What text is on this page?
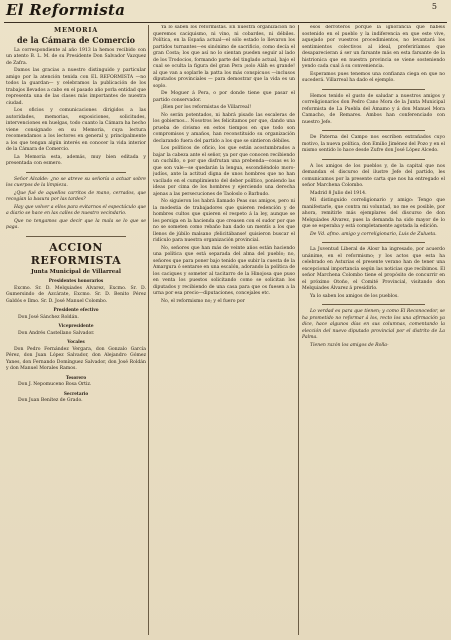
El Reformista	5
MEMORIA
de la Cámara de Comercio

La correspondiente al año 1913 la hemos recibido con un atento B. L. M. de su Presidente Don Salvador Vazquez de Zafra.

Damos las gracias a nuestro distinguido y particular amigo por la atención tenida con EL REFORMISTA —no todos la guardan— y celebramos la publicación de los trabajos llevados a cabo en el pasado año porla entidad que representa una de las clases más importantes de nuestra ciudad.

Los oficios y comunicaciones dirigidos a las autoridades, memorias, exposiciones, solicitudes, intervenciones en huelgas, todo cuanto la Cámara ha hecho viene consignado en su Memoria, cuya lectura recomendamos a los lectores en general y, principalmente a los que tengan algún interés en conocer la vida interior de la Cámara de Comercio.

La Memoria esta, además, muy bien editada y presentada con esmero.

Señor Alcalde: ¿no se atreve su señoría a actuar sobre los cuerpos de la limpieza.

¿Que fué de aquellos carritos de mano, cerrados, que recogían la basura por las tardes?

Hay que volver a ellos para evitarnos el espectáculo que a diario se hace en las calles de nuestro vecindario.

Que no tengamos que decir que la mala se lo que se paga.

ACCION REFORMISTA
Junta Municipal de Villarreal
Presidentes honorarios

Excmo. Sr. D. Melquiades Alvarez, Excmo. Sr. D. Gumersindo de Azcárate, Excmo. Sr. D. Benito Pérez Galdós e Ilmo. Sr. D. José Manuel Colombo.

Presidente efectivo

Don José Sánchez Roldán.

Vicepresidente

Don Andrés Castellano Salvador.

Vocales

Don Pedro Fernández Vergara, don Gonzalo García Pérez, don Juan López Salvador, don Alejandro Gómez Yanes, don Fernando Domínguez Salvador, don José Roldán y don Manuel Morales Ramos.

Tesorero

Don J. Nepomuceno Bosa Ortiz.

Secretario

Don Juan Benítez de Grado.

Ya lo saben los reformistas. En nuestra organización no queremos caciquismo, ni vino, ni cobardes, ni débiles. Política, en la España actual—el sólo estado lo llevaron los partidos turnantes—es sinónimo de sacrificio, como decía el gran Costa; los que así no lo sientan pueden seguir al lado de los Trodocios, formando parte del tinglado actual, bajo el cual se oculta la figura del gran Pera ¡solo Aláh es grande! al que van a soplarle la patta los más conspicuos —inclusos diputados provinciales — para demostrar que la vida es un soplo.

De Moguer á Pera, o por donde tiene que pasar el partido conservador.

¡Bien por los reformistas de Villarreal!

No serán potentados, ni habrá pisado las escaleras de los gobiernos... Nosotros les felicitamos por que, dando una prueba de civismo en estos tiempos en que todo son compromisos y amaños, han reconstituido su organización declarando fuera del partido a los que se sintieron débiles.

Los políticos de oficio, los que están acostumbrados a bajar la cabeza ante el señor, ya por que conocen recibiendo un cuchillo, o por que disfrutan una prebenda—cosas es lo que son vale—se quedarán la lengua, escondiéndolo moro-judíos, ante la actitud digna de unos hombres que no han vacilado en el cumplimiento del deber político, poniendo las ideas por cima de los hombres y ejerciendo una derecha ajenas a las persecuciones de Taoloslo o Barbudo.

No siguieron los habrá llamado Peas sus amigos, pero ni la modestia de trabajadores que quieren redención y de hombres cultos que quieren el respeto á la ley, aunque se les persiga en la hacienda que creasen con el sudor por que no se someten como rebaño han dado un mentís a los que llenos de júbilo malsano ¡felicitábanse! quisieron buscar el ridículo para nuestra organización provincial.

No, señores que han más de veinte años están haciendo una política que está separada del alma del pueblo; no, señores que para poner bajo tenido que subir la cuesta de la Amargura ó sentarse en una escalón, adorando la política de los caciques y someter al tacitarro de la Hinojosa que puso en venta los puestos solicitando como se solicitan los diputados y recibiendo de una casa para que os fuesen a la urna por esa precio—diputaciones, concejales etc.

No, el reformismo no; y el fuero por

esos derroteros porque la ignorancia que habéis sostenido en el pueblo y la indiferencia en que este vive, aquejado por vuestros procedimientos, no levantará los sentimientos colectivos al ideal, preferiríamos que desaparecieran á ser un farsante más en esta farsante de la histrionica que en nuestra provincia se viene sosteniendo yendo cada cual á su conveniencia.

Esperamos pues tenemos una confianza ciega en que no sucederá. Villarreal ha dado el ejemplo.

Hemos tenido el gusto de saludar a nuestros amigos y correligionarios don Pedro Cano Mora de la Junta Municipal reformista de La Puebla del Ámamo y á don Manuel Mora Camacho, de Remares. Ambos han conferenciado con nuestro Jefe.

De Paterna del Campo nos escriben extrañados cuyo motivo, la nueva política, don Emilio Jiménez del Pozo y en el mismo sentido lo hace desde Zufre don José López Alcedo.

A los amigos de los pueblos y, de la capital que nos demandan el discurso del ilustre Jefe del partido, les comunicamos por la presente carta que nos ha entregado el señor Marchena Colombo.

Madrid 8 Julio del 1914.

Mi distinguido correligionario y amigo: Tengo que manifestarle, que contra mi voluntad, no me es posible, por ahora, remitirle más ejemplares del discurso de don Melquíades Alvarez, pues la demanda ha sido mayor de lo que se esperaba y está completamente agotada la edición.

De Vd. afmo. amigo y correligionario, Luis de Zulueta.

La Juventud Liberal de Alosr ha ingresado, por acuerdo unánime, en el reformismo; y los actos que esta ha celebrado en Asturias el presente verano han de tener una excepcional importancia según las noticias que recibimos. El señor Marchena Colombo tiene el propósito de concurrir en el próximo Otoño, el Comité Provincial, visitando don Melquiades Álvarez á presidirlo.

Ya lo saben los amigos de los pueblos.

Lo verdad es para que tienen; y como El Reconocedor, se ha prometido no reformar á los, recto los una afirmación ya dice, hace algunos días en sus columnas, comentando la elección del nuevo diputado provincial por el distrito de La Palma.

Tienen razón los amigos de Rolla-
